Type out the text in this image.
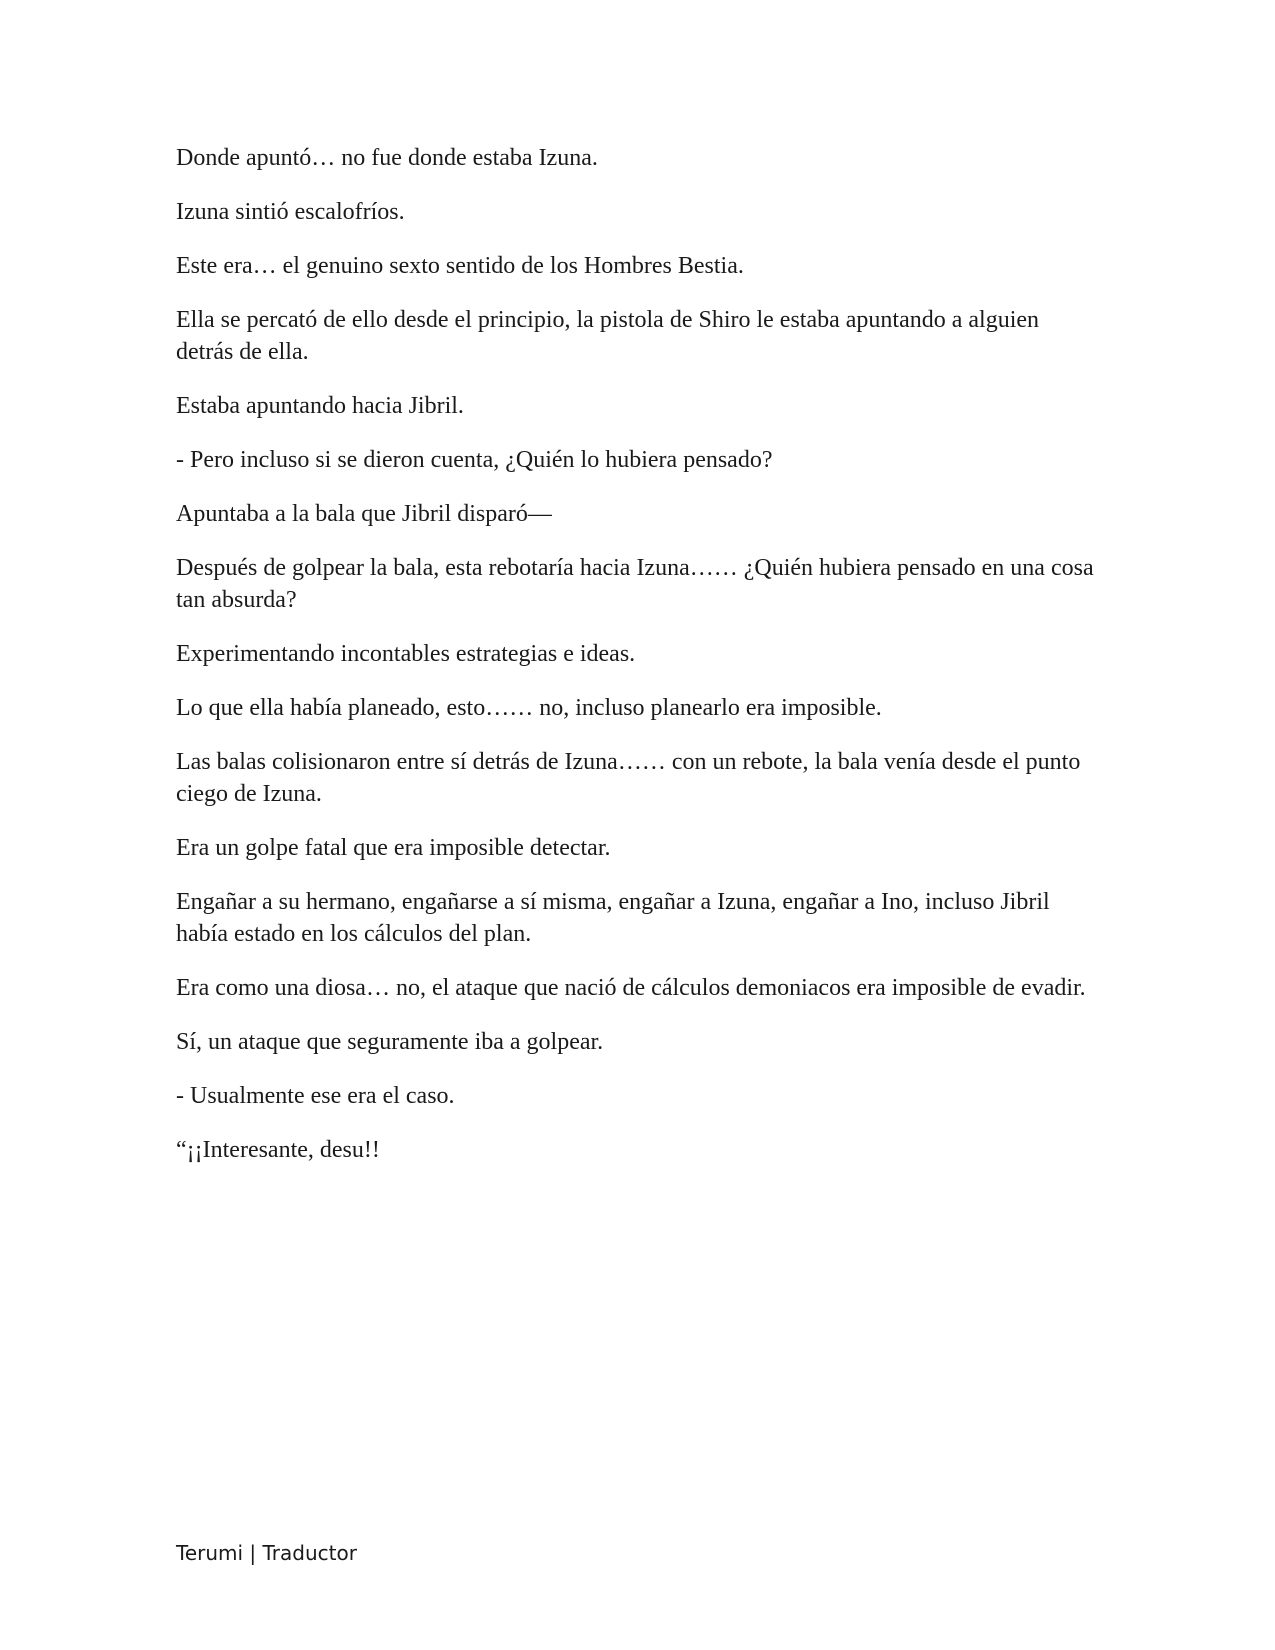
Donde apuntó… no fue donde estaba Izuna.

Izuna sintió escalofríos.

Este era… el genuino sexto sentido de los Hombres Bestia.

Ella se percató de ello desde el principio, la pistola de Shiro le estaba apuntando a alguien detrás de ella.

Estaba apuntando hacia Jibril.

- Pero incluso si se dieron cuenta, ¿Quién lo hubiera pensado?

Apuntaba a la bala que Jibril disparó—

Después de golpear la bala, esta rebotaría hacia Izuna…… ¿Quién hubiera pensado en una cosa tan absurda?

Experimentando incontables estrategias e ideas.

Lo que ella había planeado, esto…… no, incluso planearlo era imposible.

Las balas colisionaron entre sí detrás de Izuna…… con un rebote, la bala venía desde el punto ciego de Izuna.

Era un golpe fatal que era imposible detectar.

Engañar a su hermano, engañarse a sí misma, engañar a Izuna, engañar a Ino, incluso Jibril había estado en los cálculos del plan.

Era como una diosa… no, el ataque que nació de cálculos demoniacos era imposible de evadir.

Sí, un ataque que seguramente iba a golpear.

- Usualmente ese era el caso.

“¡¡Interesante, desu!!

Terumi | Traductor
